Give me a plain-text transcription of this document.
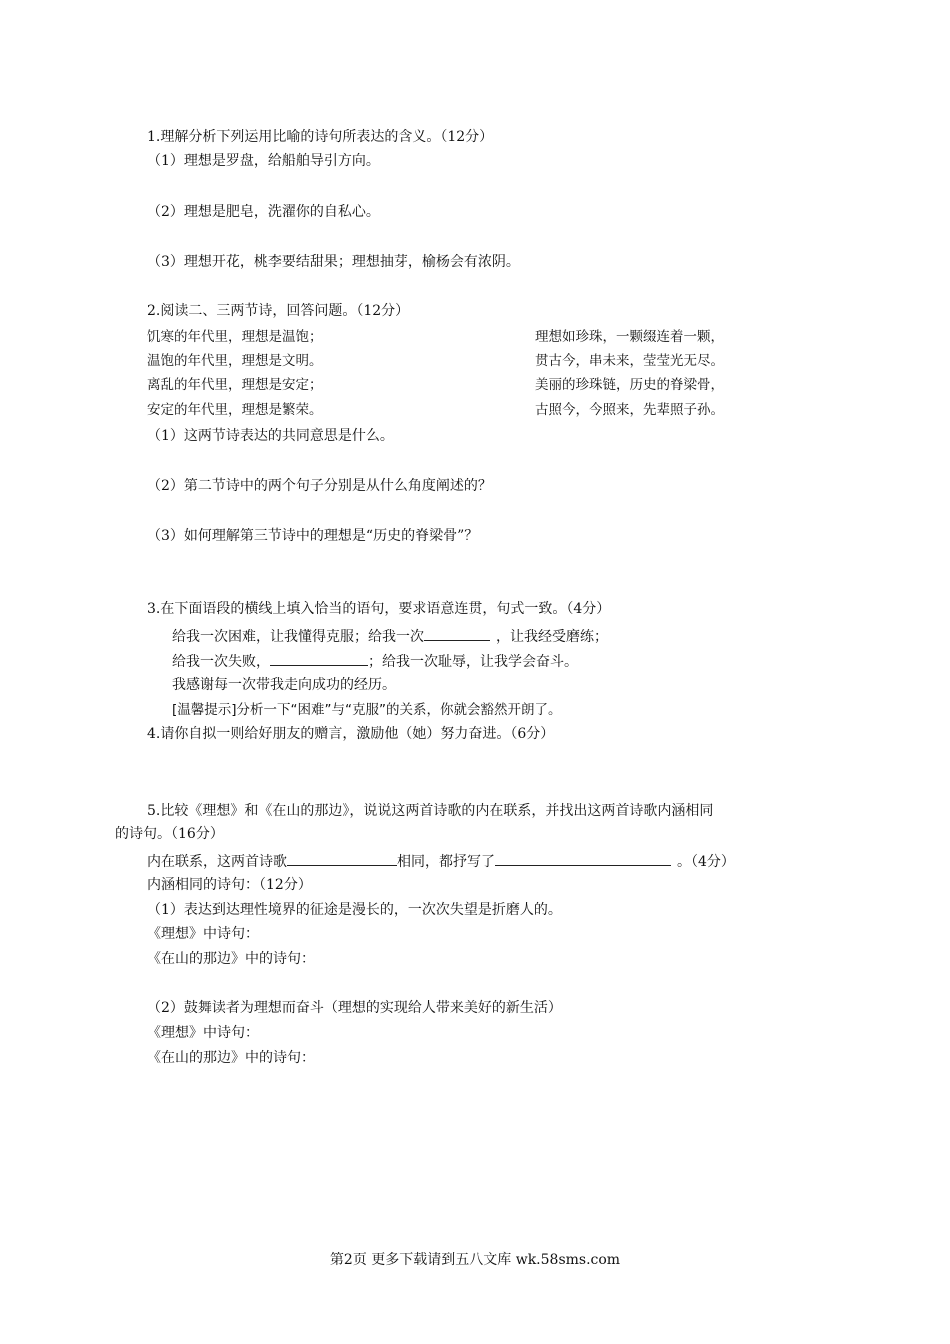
1.理解分析下列运用比喻的诗句所表达的含义。（12分）
（1）理想是罗盘，给船舶导引方向。
（2）理想是肥皂，洗濯你的自私心。
（3）理想开花，桃李要结甜果；理想抽芽，榆杨会有浓阴。
2.阅读二、三两节诗，回答问题。（12分）
饥寒的年代里，理想是温饱；
温饱的年代里，理想是文明。
离乱的年代里，理想是安定；
安定的年代里，理想是繁荣。
理想如珍珠，一颗缀连着一颗，
贯古今，串未来，莹莹光无尽。
美丽的珍珠链，历史的脊梁骨，
古照今，今照来，先辈照子孙。
（1）这两节诗表达的共同意思是什么。
（2）第二节诗中的两个句子分别是从什么角度阐述的？
（3）如何理解第三节诗中的理想是“历史的脊梁骨”？
3.在下面语段的横线上填入恰当的语句，要求语意连贯，句式一致。（4分）
给我一次困难，让我懂得克服；给我一次	，让我经受磨练；
给我一次失败，	；给我一次耻辱，让我学会奋斗。
我感谢每一次带我走向成功的经历。
[温馨提示]分析一下“困难”与“克服”的关系，你就会豁然开朗了。
4.请你自拟一则给好朋友的赠言，激励他（她）努力奋进。（6分）
5.比较《理想》和《在山的那边》，说说这两首诗歌的内在联系，并找出这两首诗歌内涵相同
的诗句。（16分）
内在联系，这两首诗歌	相同，都抒写了	。（4分）
内涵相同的诗句：（12分）
（1）表达到达理性境界的征途是漫长的，一次次失望是折磨人的。
《理想》中诗句：
《在山的那边》中的诗句：
（2）鼓舞读者为理想而奋斗（理想的实现给人带来美好的新生活）
《理想》中诗句：
《在山的那边》中的诗句：
第2页 更多下载请到五八文库 wk.58sms.com
